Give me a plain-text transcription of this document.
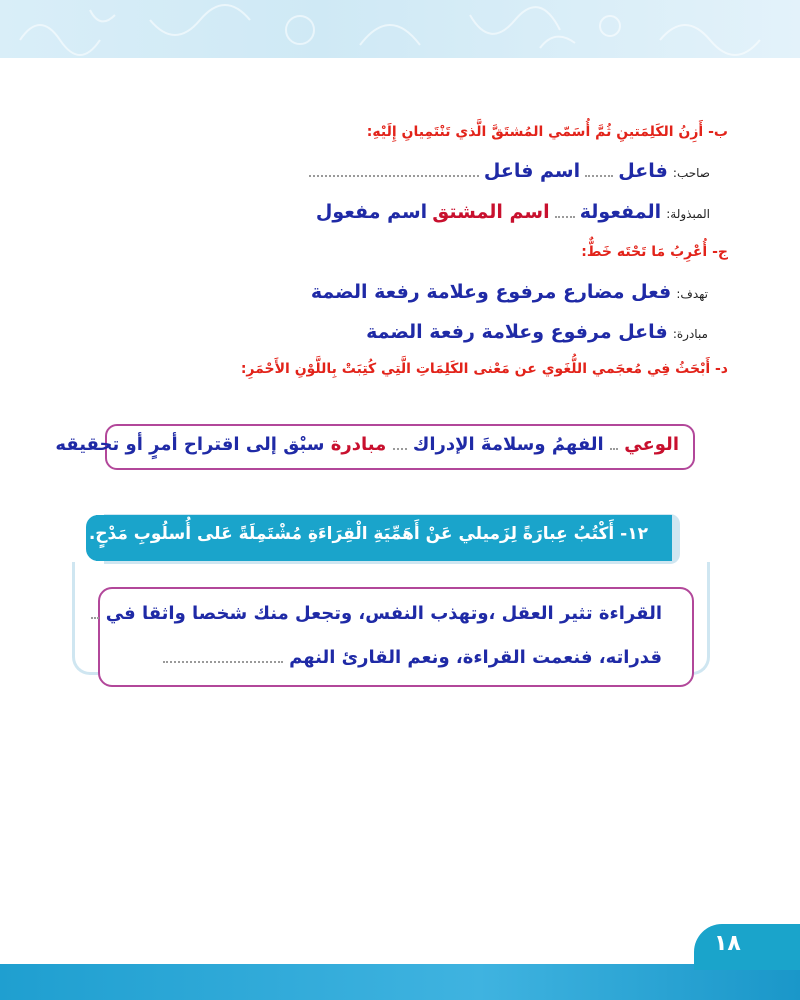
ب- أَزِنُ الكَلِمَتينِ ثُمَّ أُسَمّي المُشتَقَّ الَّذي تَنْتَمِيانِ إِلَيْهِ:
صاحب: فاعل  اسم فاعل
المبذولة: المفعولة  اسم المشتق اسم مفعول
ج- أُعْرِبُ مَا تَحْتَه خَطٌّ:
تهدف: فعل مضارع مرفوع وعلامة رفعة الضمة
مبادرة: فاعل مرفوع وعلامة رفعة الضمة
د- أَبْحَثُ فِي مُعجَمي اللُّغَوي عن مَعْنى الكَلِمَاتِ الَّتِي كُتِبَتْ بِاللَّوْنِ الأَحْمَرِ:
الوعي  الفهمُ وسلامةَ الإدراك  مبادرة سبْق إلى اقتراح أمرٍ أو تحقيقه
١٢- أَكْتُبُ عِبارَةً لِزَميلي عَنْ أَهَمِّيَةِ الْقِرَاءَةِ مُشْتَمِلَةً عَلى أُسلُوبِ مَدْحٍ.
القراءة تثير العقل ،وتهذب النفس، وتجعل منك شخصا واثقا في
قدراته، فنعمت القراءة، ونعم القارئ النهم
١٨
